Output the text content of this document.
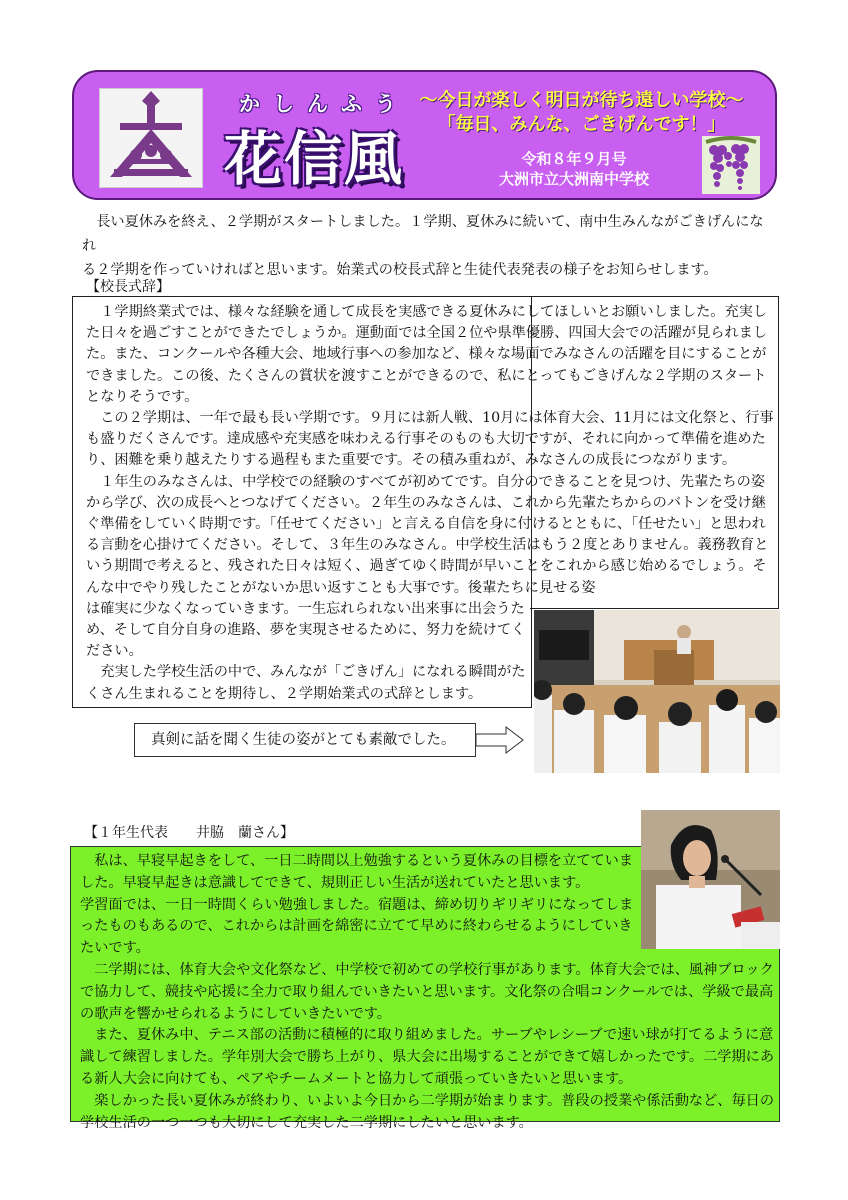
かしんふう
花信風
～今日が楽しく明日が待ち遠しい学校～
「毎日、みんな、ごきげんです！」
令和８年９月号
大洲市立大洲南中学校

長い夏休みを終え、２学期がスタートしました。１学期、夏休みに続いて、南中生みんながごきげんになれ

る２学期を作っていければと思います。始業式の校長式辞と生徒代表発表の様子をお知らせします。

【校長式辞】

１学期終業式では、様々な経験を通して成長を実感できる夏休みにしてほしいとお願いしました。充実した日々を過ごすことができたでしょうか。運動面では全国２位や県準優勝、四国大会での活躍が見られました。また、コンクールや各種大会、地域行事への参加など、様々な場面でみなさんの活躍を目にすることができました。この後、たくさんの賞状を渡すことができるので、私にとってもごきげんな２学期のスタートとなりそうです。

この２学期は、一年で最も長い学期です。９月には新人戦、10月には体育大会、11月には文化祭と、行事も盛りだくさんです。達成感や充実感を味わえる行事そのものも大切ですが、それに向かって準備を進めたり、困難を乗り越えたりする過程もまた重要です。その積み重ねが、みなさんの成長につながります。

１年生のみなさんは、中学校での経験のすべてが初めてです。自分のできることを見つけ、先輩たちの姿から学び、次の成長へとつなげてください。２年生のみなさんは、これから先輩たちからのバトンを受け継ぐ準備をしていく時期です。「任せてください」と言える自信を身に付けるとともに、「任せたい」と思われる言動を心掛けてください。そして、３年生のみなさん。中学校生活はもう２度とありません。義務教育という期間で考えると、残された日々は短く、過ぎてゆく時間が早いことをこれから感じ始めるでしょう。そんな中でやり残したことがないか思い返すことも大事です。後輩たちに見せる姿

は確実に少なくなっていきます。一生忘れられない出来事に出会うため、そして自分自身の進路、夢を実現させるために、努力を続けてください。

充実した学校生活の中で、みんなが「ごきげん」になれる瞬間がたくさん生まれることを期待し、２学期始業式の式辞とします。

真剣に話を聞く生徒の姿がとても素敵でした。
【１年生代表　　井脇　蘭さん】

私は、早寝早起きをして、一日二時間以上勉強するという夏休みの目標を立てていました。早寝早起きは意識してできて、規則正しい生活が送れていたと思います。

学習面では、一日一時間くらい勉強しました。宿題は、締め切りギリギリになってしまったものもあるので、これからは計画を綿密に立てて早めに終わらせるようにしていきたいです。

二学期には、体育大会や文化祭など、中学校で初めての学校行事があります。体育大会では、風神ブロックで協力して、競技や応援に全力で取り組んでいきたいと思います。文化祭の合唱コンクールでは、学級で最高の歌声を響かせられるようにしていきたいです。

また、夏休み中、テニス部の活動に積極的に取り組めました。サーブやレシーブで速い球が打てるように意識して練習しました。学年別大会で勝ち上がり、県大会に出場することができて嬉しかったです。二学期にある新人大会に向けても、ペアやチームメートと協力して頑張っていきたいと思います。

楽しかった長い夏休みが終わり、いよいよ今日から二学期が始まります。普段の授業や係活動など、毎日の学校生活の一つ一つも大切にして充実した二学期にしたいと思います。
